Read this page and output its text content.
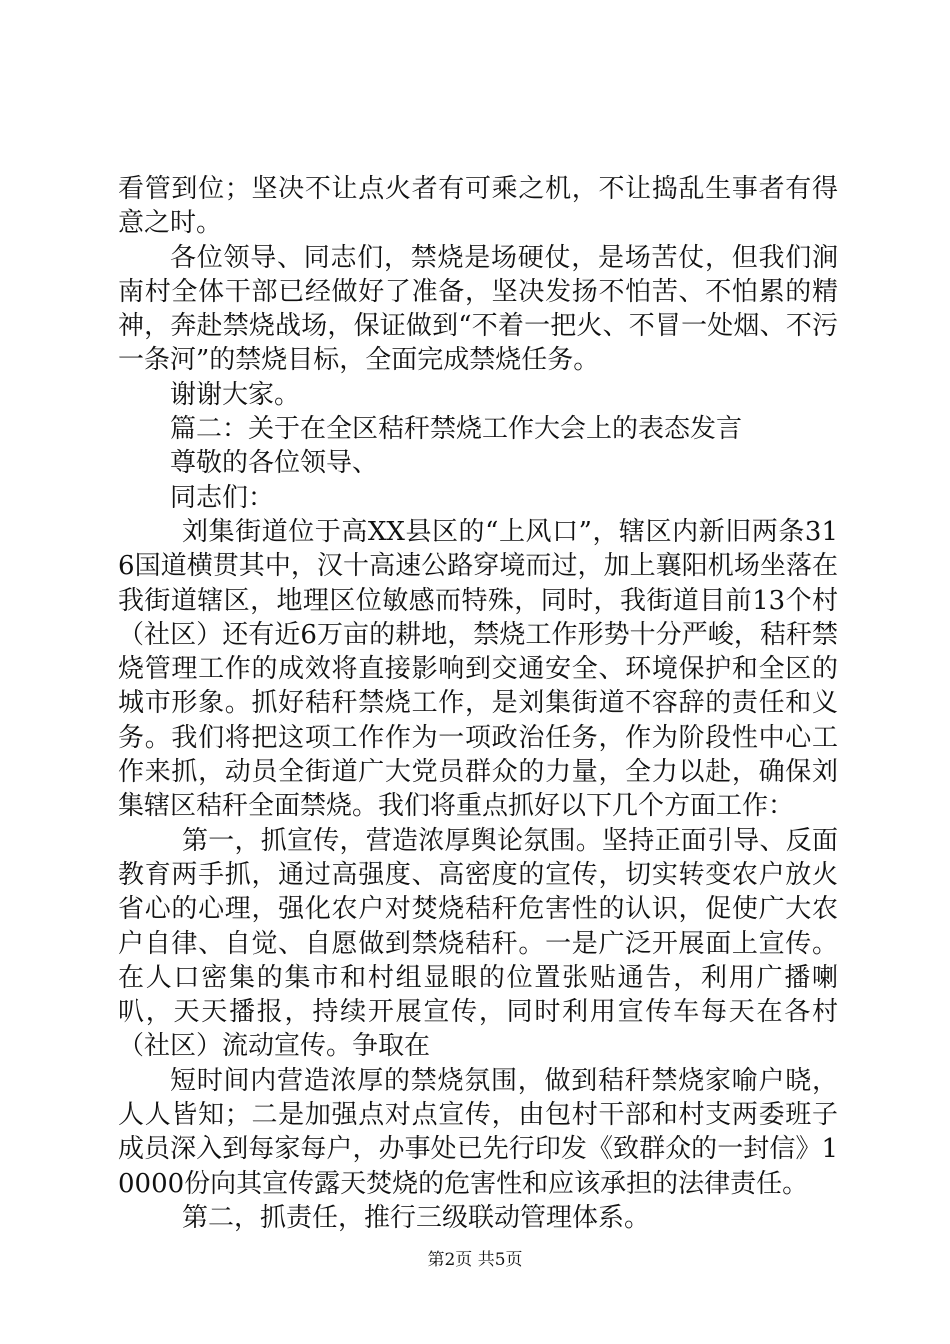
看管到位；坚决不让点火者有可乘之机，不让捣乱生事者有得意之时。

各位领导、同志们，禁烧是场硬仗，是场苦仗，但我们涧南村全体干部已经做好了准备，坚决发扬不怕苦、不怕累的精神，奔赴禁烧战场，保证做到“不着一把火、不冒一处烟、不污一条河”的禁烧目标，全面完成禁烧任务。

谢谢大家。

篇二：关于在全区秸秆禁烧工作大会上的表态发言

尊敬的各位领导、

同志们：

刘集街道位于高XX县区的“上风口”，辖区内新旧两条316国道横贯其中，汉十高速公路穿境而过，加上襄阳机场坐落在我街道辖区，地理区位敏感而特殊，同时，我街道目前13个村（社区）还有近6万亩的耕地，禁烧工作形势十分严峻，秸秆禁烧管理工作的成效将直接影响到交通安全、环境保护和全区的城市形象。抓好秸秆禁烧工作，是刘集街道不容辞的责任和义务。我们将把这项工作作为一项政治任务，作为阶段性中心工作来抓，动员全街道广大党员群众的力量，全力以赴，确保刘集辖区秸秆全面禁烧。我们将重点抓好以下几个方面工作：

第一，抓宣传，营造浓厚舆论氛围。坚持正面引导、反面教育两手抓，通过高强度、高密度的宣传，切实转变农户放火省心的心理，强化农户对焚烧秸秆危害性的认识，促使广大农户自律、自觉、自愿做到禁烧秸秆。一是广泛开展面上宣传。在人口密集的集市和村组显眼的位置张贴通告，利用广播喇叭，天天播报，持续开展宣传，同时利用宣传车每天在各村（社区）流动宣传。争取在

短时间内营造浓厚的禁烧氛围，做到秸秆禁烧家喻户晓，人人皆知；二是加强点对点宣传，由包村干部和村支两委班子成员深入到每家每户，办事处已先行印发《致群众的一封信》10000份向其宣传露天焚烧的危害性和应该承担的法律责任。

第二，抓责任，推行三级联动管理体系。

第2页 共5页
